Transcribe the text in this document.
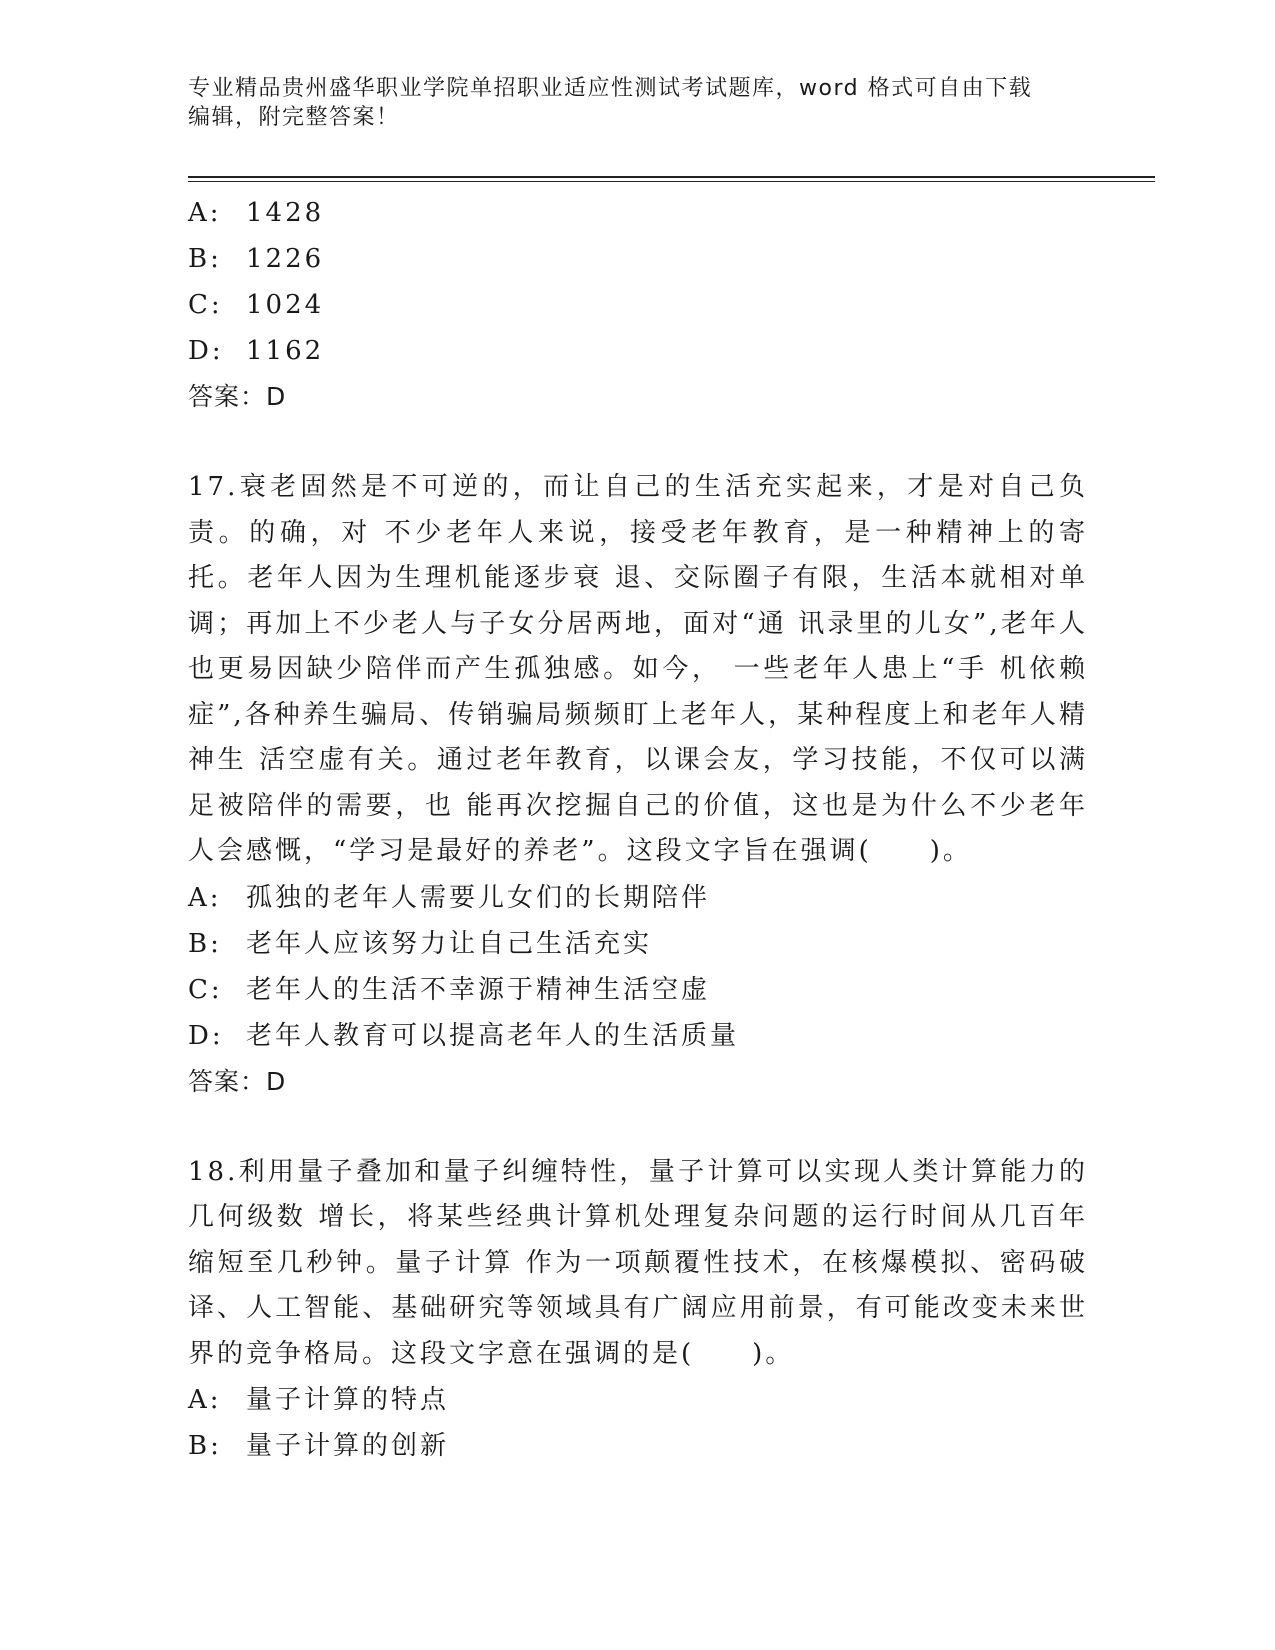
专业精品贵州盛华职业学院单招职业适应性测试考试题库，word 格式可自由下载
编辑，附完整答案！
A: 1428
B: 1226
C: 1024
D: 1162
答案：D
17.衰老固然是不可逆的，而让自己的生活充实起来，才是对自己负责。的确，对 不少老年人来说，接受老年教育，是一种精神上的寄托。老年人因为生理机能逐步衰 退、交际圈子有限，生活本就相对单调；再加上不少老人与子女分居两地，面对“通 讯录里的儿女”,老年人也更易因缺少陪伴而产生孤独感。如今， 一些老年人患上“手 机依赖症”,各种养生骗局、传销骗局频频盯上老年人，某种程度上和老年人精神生 活空虚有关。通过老年教育，以课会友，学习技能，不仅可以满足被陪伴的需要，也 能再次挖掘自己的价值，这也是为什么不少老年人会感慨，“学习是最好的养老”。这段文字旨在强调(　　)。
A: 孤独的老年人需要儿女们的长期陪伴
B: 老年人应该努力让自己生活充实
C: 老年人的生活不幸源于精神生活空虚
D: 老年人教育可以提高老年人的生活质量
答案：D
18.利用量子叠加和量子纠缠特性，量子计算可以实现人类计算能力的几何级数 增长，将某些经典计算机处理复杂问题的运行时间从几百年缩短至几秒钟。量子计算 作为一项颠覆性技术，在核爆模拟、密码破译、人工智能、基础研究等领域具有广阔应用前景，有可能改变未来世界的竞争格局。这段文字意在强调的是(　　)。
A: 量子计算的特点
B: 量子计算的创新
